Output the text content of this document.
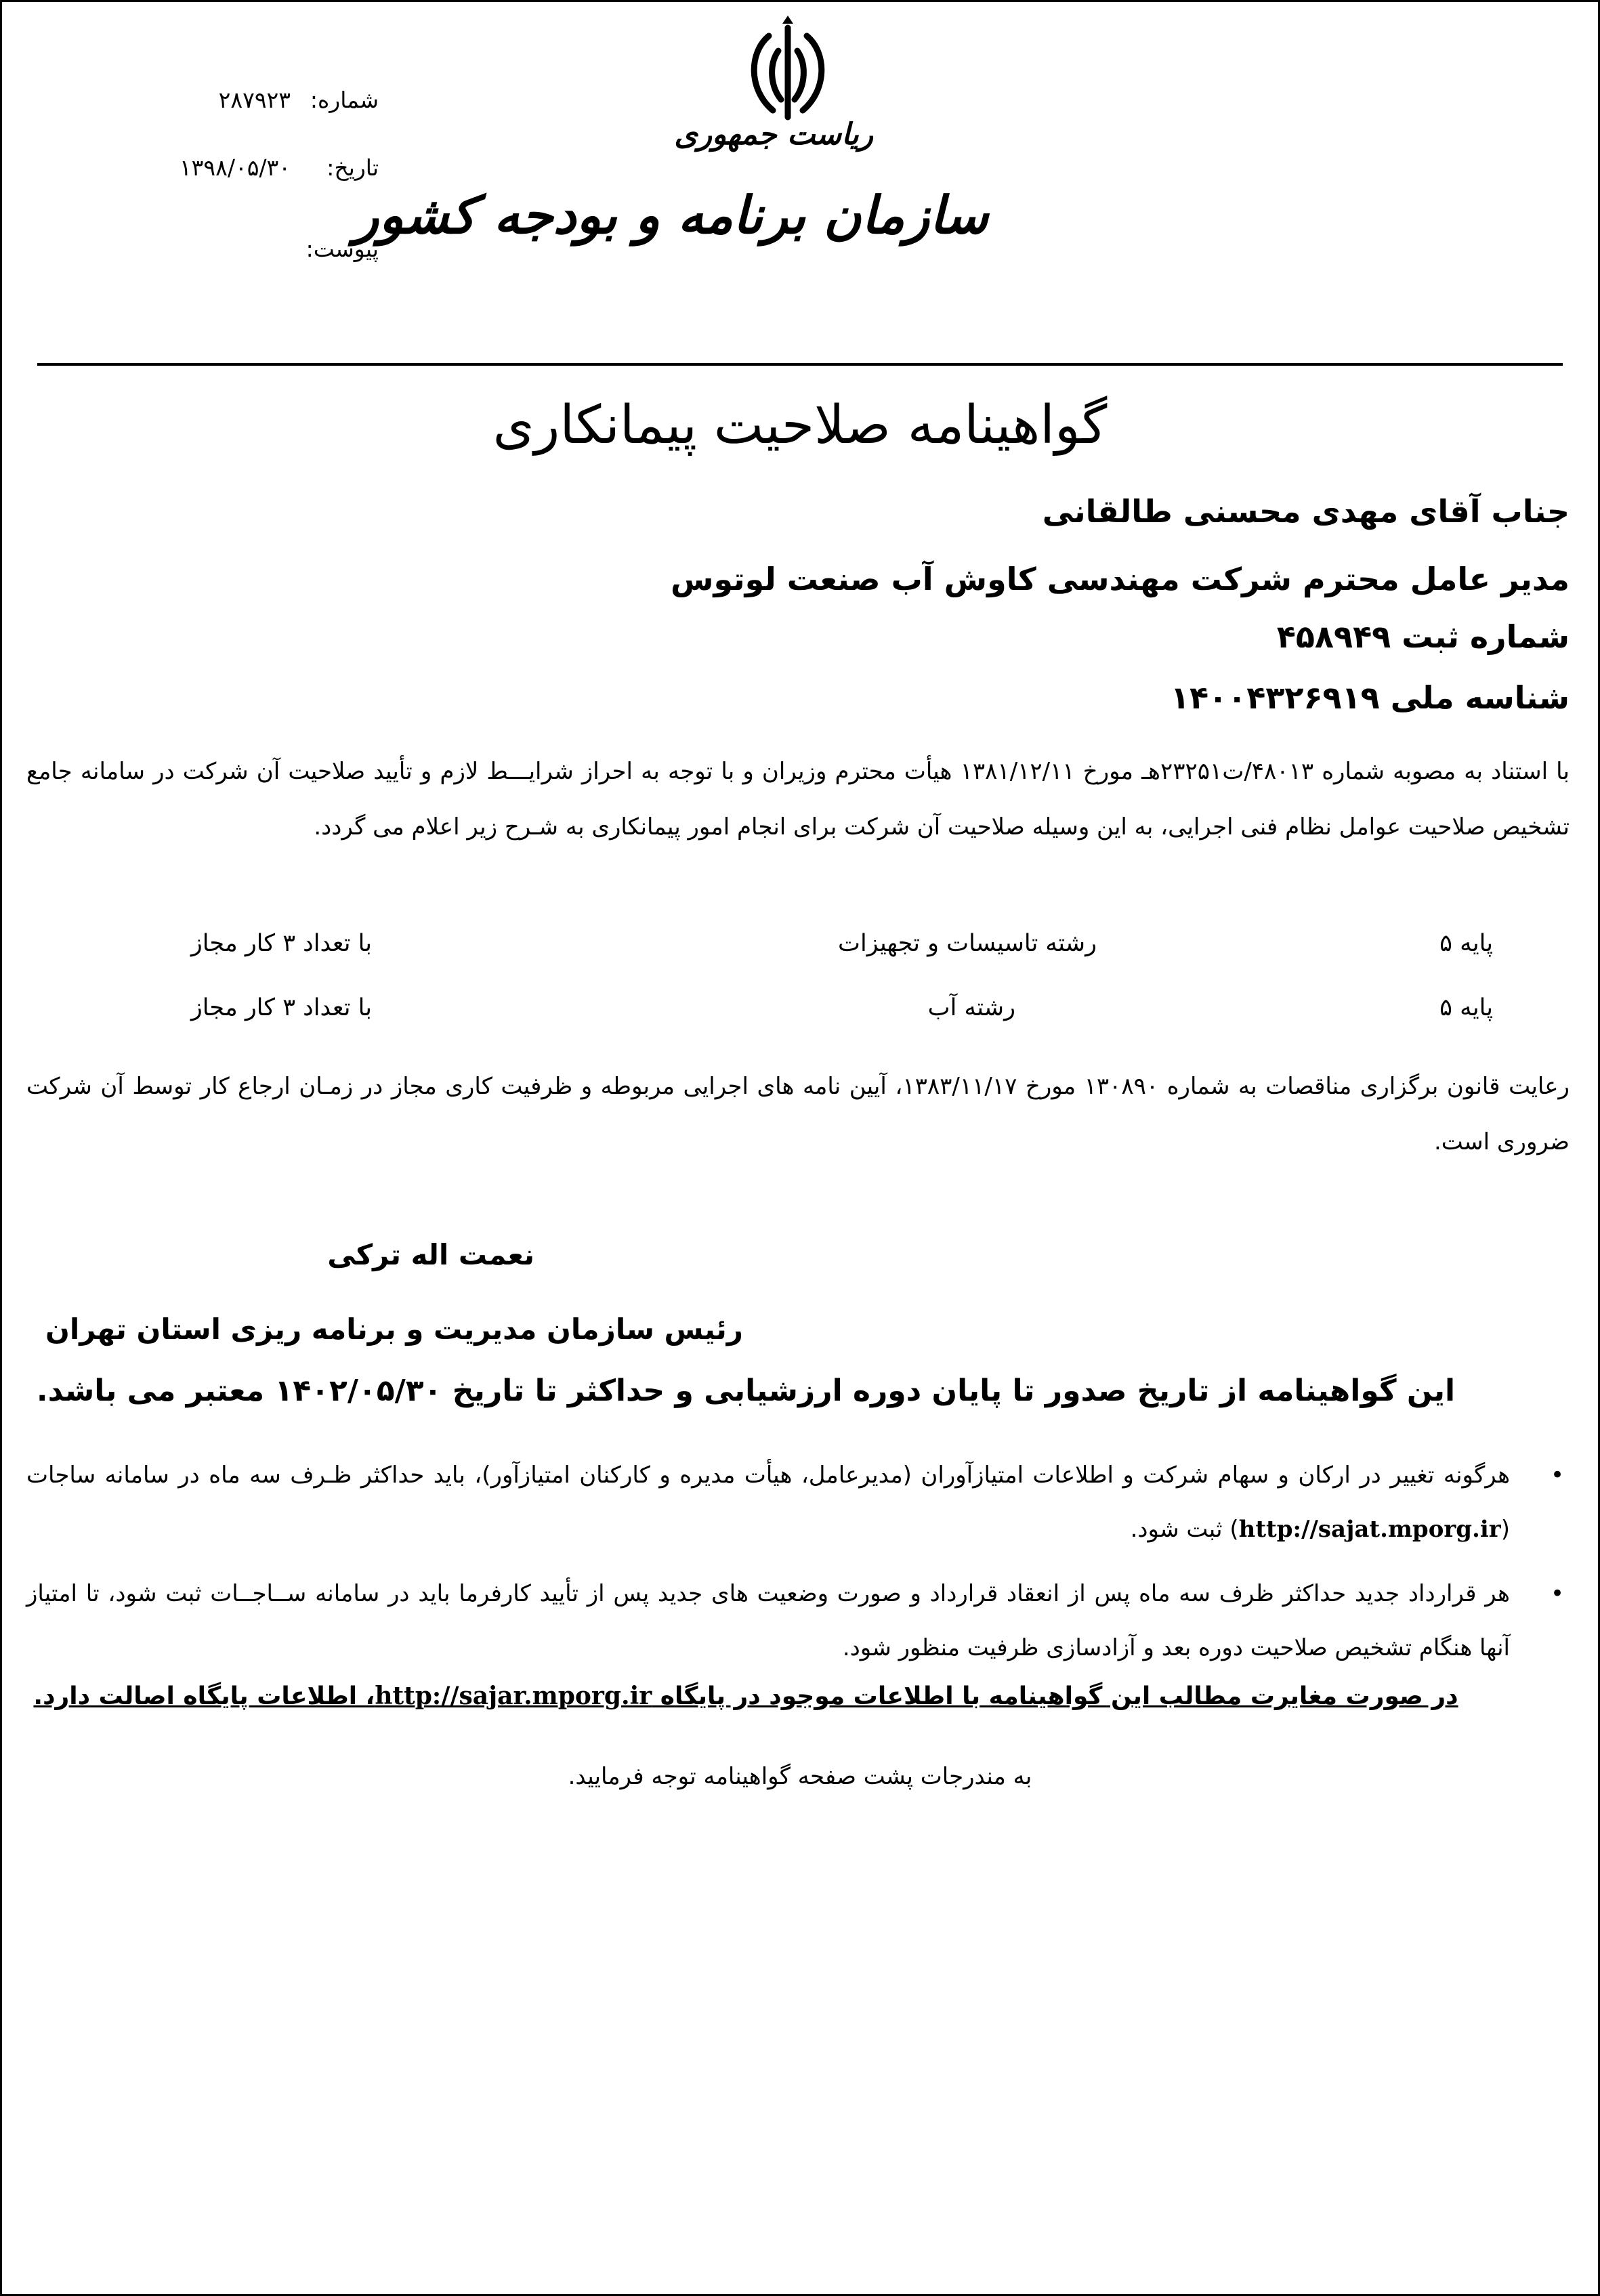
شماره:
۲۸۷۹۲۳
تاریخ:
۱۳۹۸/۰۵/۳۰
پیوست:
ریاست جمهوری
سازمان برنامه و بودجه کشور
گواهینامه صلاحیت پیمانکاری
جناب آقای مهدی محسنی طالقانی
مدیر عامل محترم شرکت مهندسی کاوش آب صنعت لوتوس
شماره ثبت ۴۵۸۹۴۹
شناسه ملی ۱۴۰۰۴۳۲۶۹۱۹
با استناد به مصوبه شماره ۴۸۰۱۳/ت۲۳۲۵۱هـ مورخ ۱۳۸۱/۱۲/۱۱ هیأت محترم وزیران و با توجه به احراز شرایـــط لازم و تأیید صلاحیت آن شرکت در سامانه جامع تشخیص صلاحیت عوامل نظام فنی اجرایی، به این وسیله صلاحیت آن شرکت برای انجام امور پیمانکاری به شـرح زیر اعلام می گردد.
پایه ۵
رشته تاسیسات و تجهیزات
با تعداد ۳ کار مجاز
پایه ۵
رشته آب
با تعداد ۳ کار مجاز
رعایت قانون برگزاری مناقصات به شماره ۱۳۰۸۹۰ مورخ ۱۳۸۳/۱۱/۱۷، آیین نامه های اجرایی مربوطه و ظرفیت کاری مجاز در زمـان ارجاع کار توسط آن شرکت ضروری است.
نعمت اله ترکی
رئیس سازمان مدیریت و برنامه ریزی استان تهران
این گواهینامه از تاریخ صدور تا پایان دوره ارزشیابی و حداکثر تا تاریخ ۱۴۰۲/۰۵/۳۰ معتبر می باشد.
•
هرگونه تغییر در ارکان و سهام شرکت و اطلاعات امتیازآوران (مدیرعامل، هیأت مدیره و کارکنان امتیازآور)، باید حداکثر ظـرف سه ماه در سامانه ساجات (http://sajat.mporg.ir) ثبت شود.
•
هر قرارداد جدید حداکثر ظرف سه ماه پس از انعقاد قرارداد و صورت وضعیت های جدید پس از تأیید کارفرما باید در سامانه ســاجــات ثبت شود، تا امتیاز آنها هنگام تشخیص صلاحیت دوره بعد و آزادسازی ظرفیت منظور شود.
در صورت مغایرت مطالب این گواهینامه با اطلاعات موجود در پایگاه http://sajar.mporg.ir، اطلاعات پایگاه اصالت دارد.
به مندرجات پشت صفحه گواهینامه توجه فرمایید.
